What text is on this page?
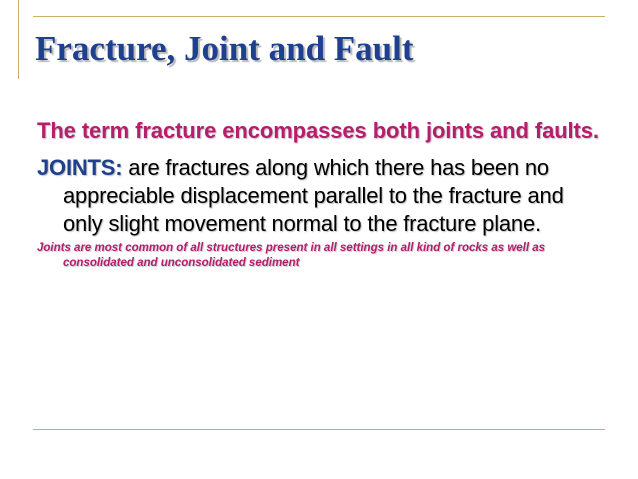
Fracture, Joint and Fault

The term fracture encompasses both joints and faults.

JOINTS: are fractures along which there has been no appreciable displacement parallel to the fracture and only slight movement normal to the fracture plane.

Joints are most common of all structures present in all settings in all kind of rocks as well as consolidated and unconsolidated sediment
